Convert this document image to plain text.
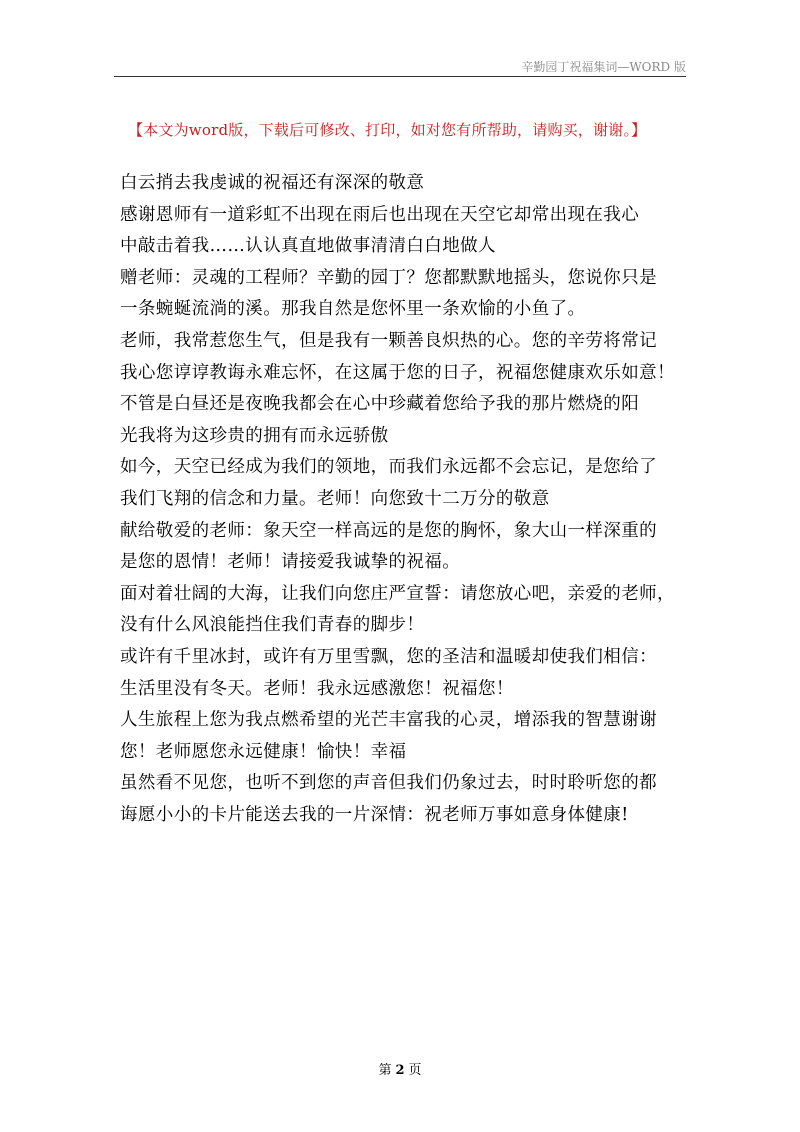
辛勤园丁祝福集词—WORD 版
【本文为word版，下载后可修改、打印，如对您有所帮助，请购买，谢谢。】
白云捎去我虔诚的祝福还有深深的敬意
感谢恩师有一道彩虹不出现在雨后也出现在天空它却常出现在我心
中敲击着我……认认真直地做事清清白白地做人
赠老师：灵魂的工程师？辛勤的园丁？您都默默地摇头，您说你只是
一条蜿蜒流淌的溪。那我自然是您怀里一条欢愉的小鱼了。
老师，我常惹您生气，但是我有一颗善良炽热的心。您的辛劳将常记
我心您谆谆教诲永难忘怀，在这属于您的日子，祝福您健康欢乐如意！
不管是白昼还是夜晚我都会在心中珍藏着您给予我的那片燃烧的阳
光我将为这珍贵的拥有而永远骄傲
如今，天空已经成为我们的领地，而我们永远都不会忘记，是您给了
我们飞翔的信念和力量。老师！向您致十二万分的敬意
献给敬爱的老师：象天空一样高远的是您的胸怀，象大山一样深重的
是您的恩情！老师！请接爱我诚挚的祝福。
面对着壮阔的大海，让我们向您庄严宣誓：请您放心吧，亲爱的老师，
没有什么风浪能挡住我们青春的脚步！
或许有千里冰封，或许有万里雪飘，您的圣洁和温暖却使我们相信：
生活里没有冬天。老师！我永远感激您！祝福您！
人生旅程上您为我点燃希望的光芒丰富我的心灵，增添我的智慧谢谢
您！老师愿您永远健康！愉快！幸福
虽然看不见您，也听不到您的声音但我们仍象过去，时时聆听您的都
诲愿小小的卡片能送去我的一片深情：祝老师万事如意身体健康!
第 2 页
